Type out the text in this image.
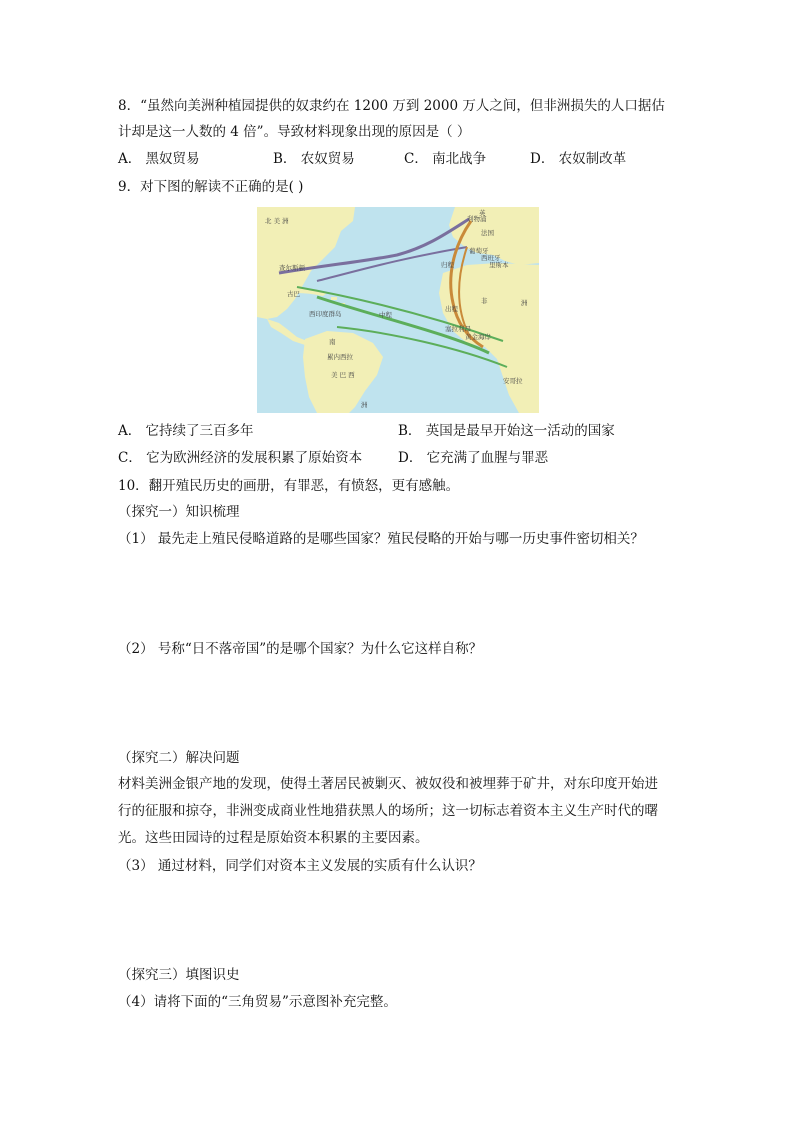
8．“虽然向美洲种植园提供的奴隶约在 1200 万到 2000 万人之间，但非洲损失的人口据估
计却是这一人数的 4 倍”。导致材料现象出现的原因是（ ）
A． 黑奴贸易	B． 农奴贸易	C． 南北战争	D． 农奴制改革
9．对下图的解读不正确的是( )
北 美 洲
查尔斯顿
古巴
西印度群岛
南
累内西拉
美 巴 西
洲
英
利物浦
法国
葡萄牙
西班牙
里斯本
非	洲
塞拉利昂
黄金海岸
安哥拉
归程
出程
中程
A． 它持续了三百多年	B． 英国是最早开始这一活动的国家
C． 它为欧洲经济的发展积累了原始资本	D． 它充满了血腥与罪恶
10．翻开殖民历史的画册，有罪恶，有愤怒，更有感触。
（探究一）知识梳理
（1） 最先走上殖民侵略道路的是哪些国家？殖民侵略的开始与哪一历史事件密切相关？
（2） 号称“日不落帝国”的是哪个国家？为什么它这样自称？
（探究二）解决问题
材料美洲金银产地的发现，使得土著居民被剿灭、被奴役和被埋葬于矿井，对东印度开始进
行的征服和掠夺，非洲变成商业性地猎获黑人的场所；这一切标志着资本主义生产时代的曙
光。这些田园诗的过程是原始资本积累的主要因素。
（3） 通过材料，同学们对资本主义发展的实质有什么认识？
（探究三）填图识史
（4）请将下面的“三角贸易”示意图补充完整。
